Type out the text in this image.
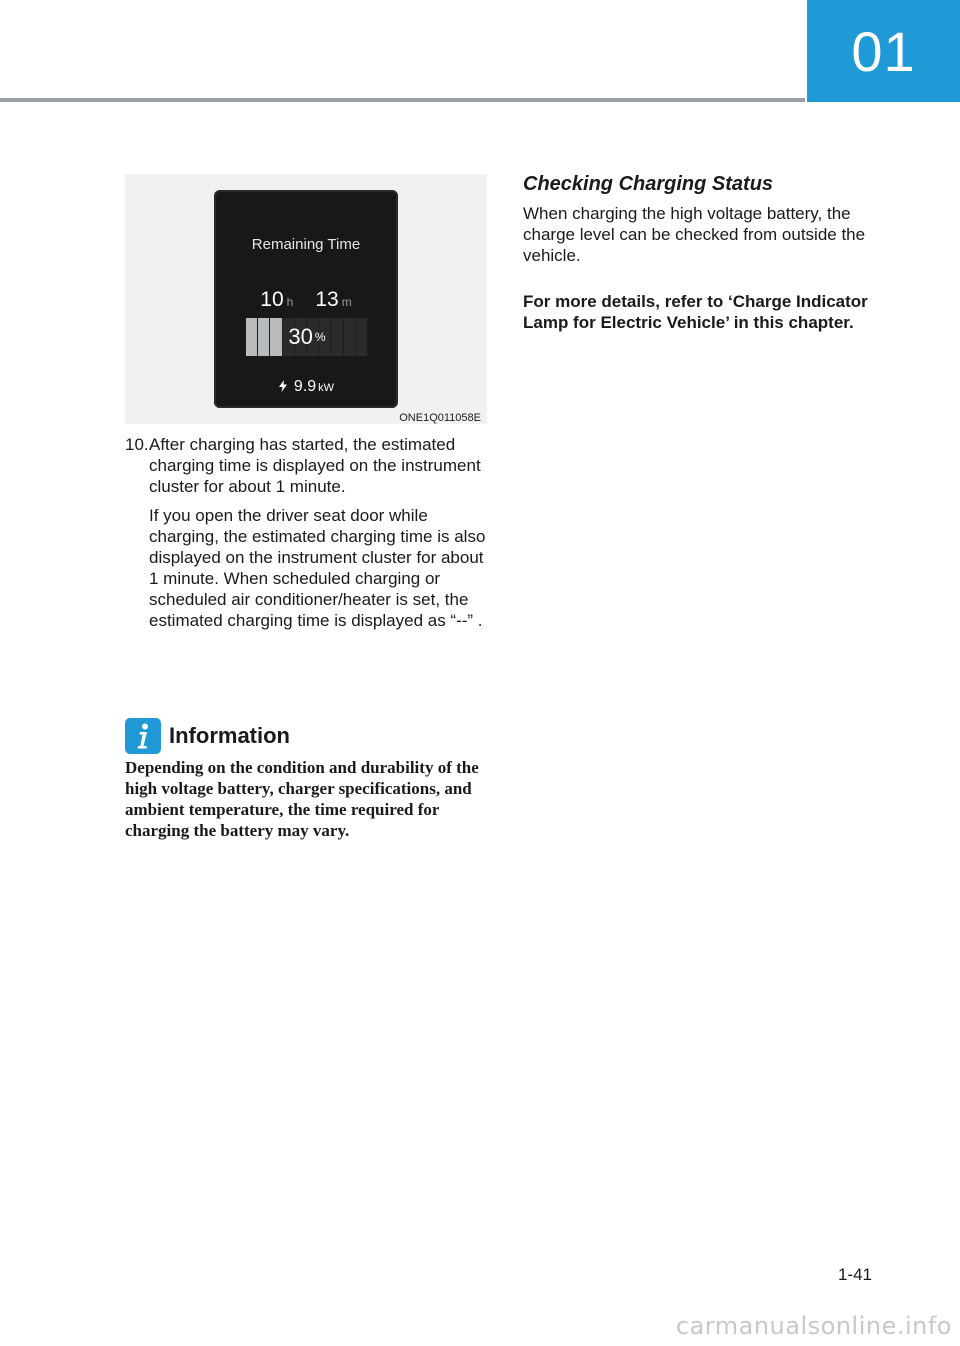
01
Remaining Time
10 h 13 m
30 %
9.9 kW
ONE1Q011058E
10. After charging has started, the estimated charging time is displayed on the instrument cluster for about 1 minute.

If you open the driver seat door while charging, the estimated charging time is also displayed on the instrument cluster for about 1 minute. When scheduled charging or scheduled air conditioner/heater is set, the estimated charging time is displayed as “--” .

Information

Depending on the condition and durability of the high voltage battery, charger specifications, and ambient temperature, the time required for charging the battery may vary.

Checking Charging Status

When charging the high voltage battery, the charge level can be checked from outside the vehicle.

For more details, refer to ‘Charge Indicator Lamp for Electric Vehicle’ in this chapter.

1-41
carmanualsonline.info
